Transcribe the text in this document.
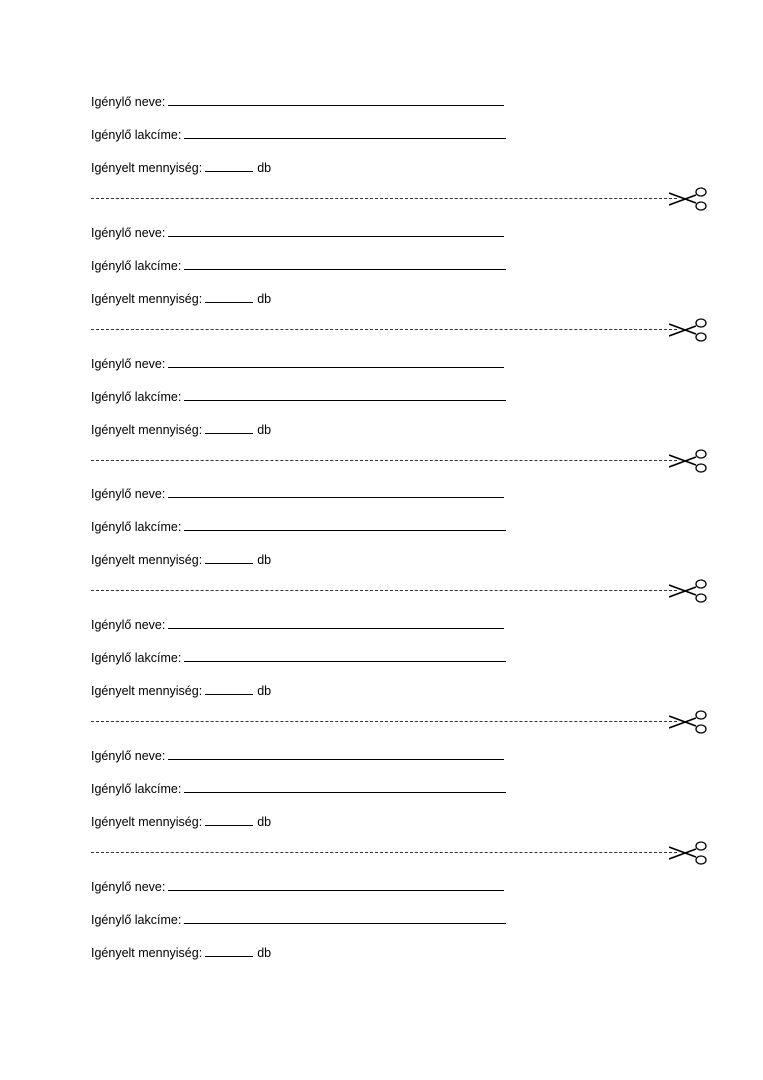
Igénylő neve:
Igénylő lakcíme:
Igényelt mennyiség:	db
Igénylő neve:
Igénylő lakcíme:
Igényelt mennyiség:	db
Igénylő neve:
Igénylő lakcíme:
Igényelt mennyiség:	db
Igénylő neve:
Igénylő lakcíme:
Igényelt mennyiség:	db
Igénylő neve:
Igénylő lakcíme:
Igényelt mennyiség:	db
Igénylő neve:
Igénylő lakcíme:
Igényelt mennyiség:	db
Igénylő neve:
Igénylő lakcíme:
Igényelt mennyiség:	db
